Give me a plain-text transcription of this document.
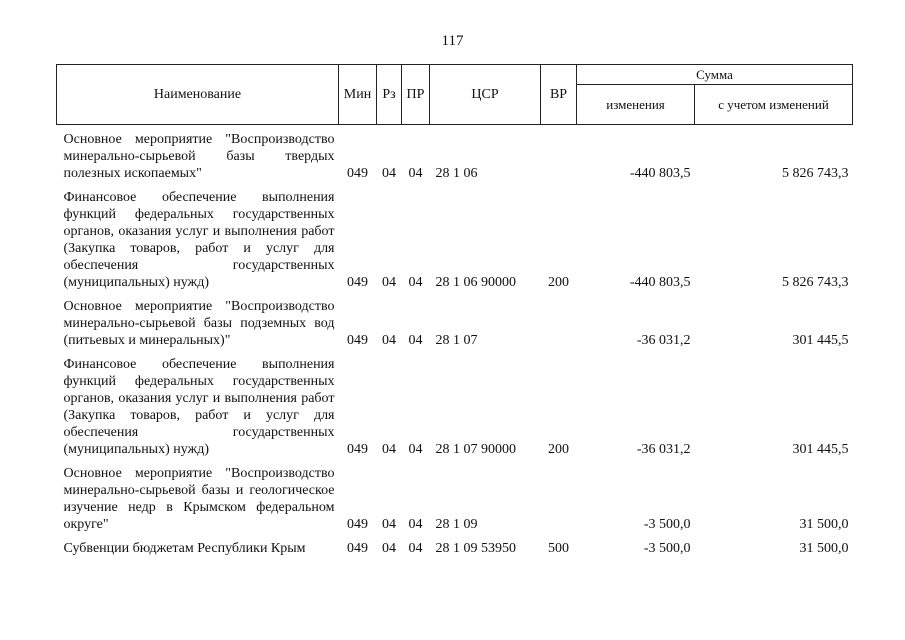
117
Наименование	Мин	Рз	ПР	ЦСР	ВР	Сумма	
						изменения	с учетом изменений
Основное мероприятие "Воспроизводство минерально-сырьевой базы твердых полезных ископаемых"	049	04	04	28 1 06		-440 803,5	5 826 743,3
Финансовое обеспечение выполнения функций федеральных государственных органов, оказания услуг и выполнения работ (Закупка товаров, работ и услуг для обеспечения государственных (муниципальных) нужд)	049	04	04	28 1 06 90000	200	-440 803,5	5 826 743,3
Основное мероприятие "Воспроизводство минерально-сырьевой базы подземных вод (питьевых и минеральных)"	049	04	04	28 1 07		-36 031,2	301 445,5
Финансовое обеспечение выполнения функций федеральных государственных органов, оказания услуг и выполнения работ (Закупка товаров, работ и услуг для обеспечения государственных (муниципальных) нужд)	049	04	04	28 1 07 90000	200	-36 031,2	301 445,5
Основное мероприятие "Воспроизводство минерально-сырьевой базы и геологическое изучение недр в Крымском федеральном округе"	049	04	04	28 1 09		-3 500,0	31 500,0
Субвенции бюджетам Республики Крым	049	04	04	28 1 09 53950	500	-3 500,0	31 500,0
